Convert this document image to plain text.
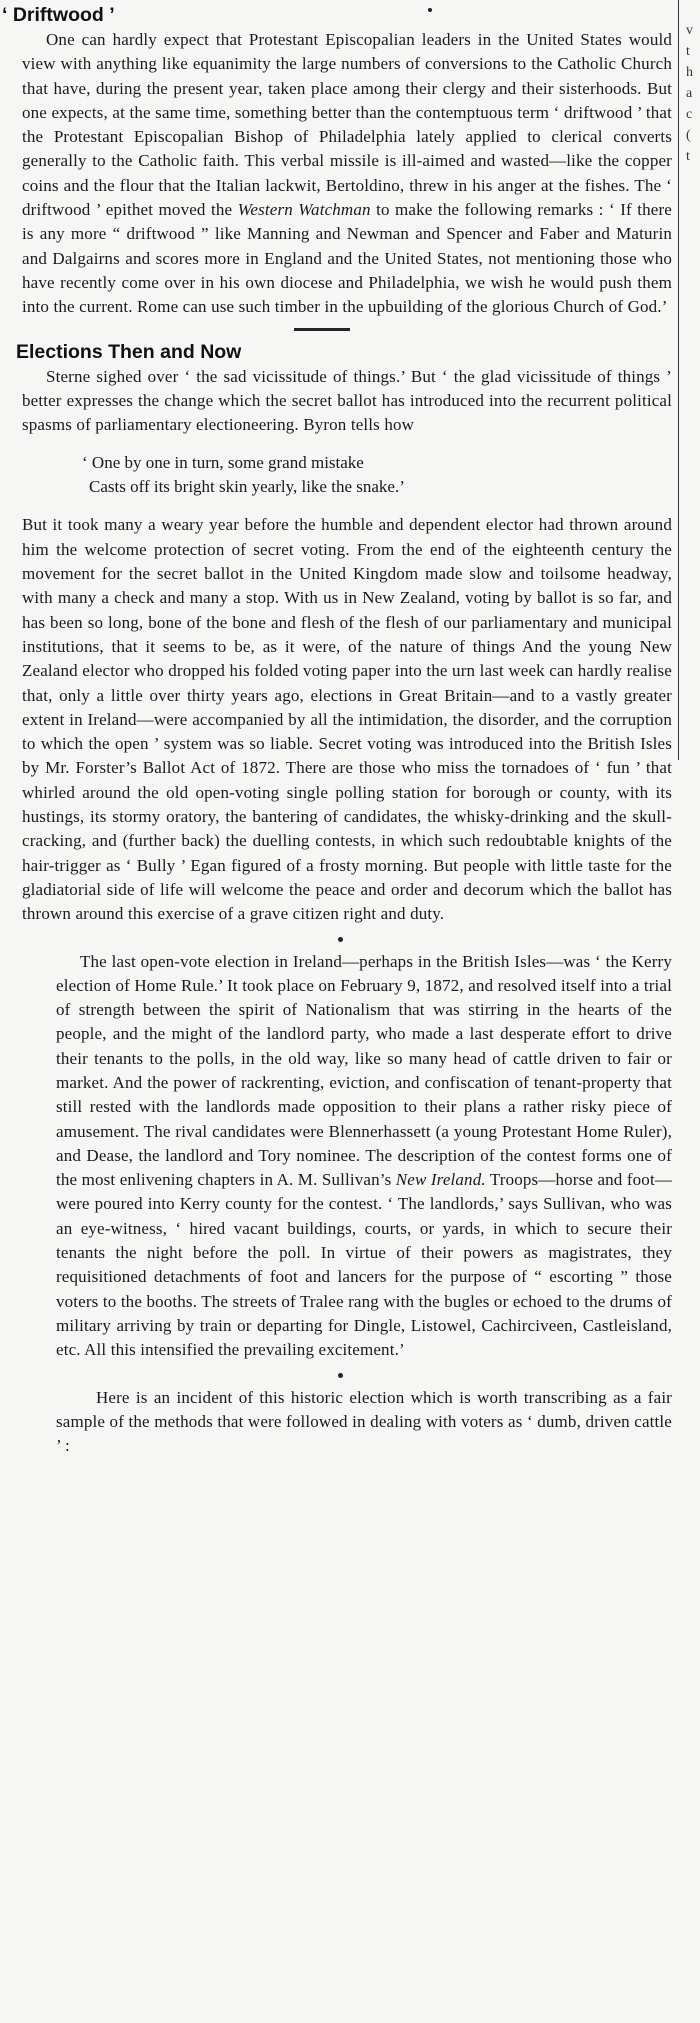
v
t
h
a
c
(
t
‘ Driftwood ’

One can hardly expect that Protestant Episcopalian leaders in the United States would view with anything like equanimity the large numbers of conversions to the Catholic Church that have, during the present year, taken place among their clergy and their sisterhoods. But one expects, at the same time, something better than the contemptuous term ‘ driftwood ’ that the Protestant Episcopalian Bishop of Philadelphia lately applied to clerical converts generally to the Catholic faith. This verbal missile is ill-aimed and wasted—like the copper coins and the flour that the Italian lackwit, Bertoldino, threw in his anger at the fishes. The ‘ driftwood ’ epithet moved the Western Watchman to make the following remarks : ‘ If there is any more “ driftwood ” like Manning and Newman and Spencer and Faber and Maturin and Dalgairns and scores more in England and the United States, not mentioning those who have recently come over in his own diocese and Philadelphia, we wish he would push them into the current. Rome can use such timber in the upbuilding of the glorious Church of God.’

Elections Then and Now

Sterne sighed over ‘ the sad vicissitude of things.’ But ‘ the glad vicissitude of things ’ better expresses the change which the secret ballot has introduced into the recurrent political spasms of parliamentary electioneering. Byron tells how

‘ One by one in turn, some grand mistake
Casts off its bright skin yearly, like the snake.’

But it took many a weary year before the humble and dependent elector had thrown around him the welcome protection of secret voting. From the end of the eighteenth century the movement for the secret ballot in the United Kingdom made slow and toilsome headway, with many a check and many a stop. With us in New Zealand, voting by ballot is so far, and has been so long, bone of the bone and flesh of the flesh of our parliamentary and municipal institutions, that it seems to be, as it were, of the nature of things And the young New Zealand elector who dropped his folded voting paper into the urn last week can hardly realise that, only a little over thirty years ago, elections in Great Britain—and to a vastly greater extent in Ireland—were accompanied by all the intimidation, the disorder, and the corruption to which the open ’ system was so liable. Secret voting was introduced into the British Isles by Mr. Forster’s Ballot Act of 1872. There are those who miss the tornadoes of ‘ fun ’ that whirled around the old open-voting single polling station for borough or county, with its hustings, its stormy oratory, the bantering of candidates, the whisky-drinking and the skull-cracking, and (further back) the duelling contests, in which such redoubtable knights of the hair-trigger as ‘ Bully ’ Egan figured of a frosty morning. But people with little taste for the gladiatorial side of life will welcome the peace and order and decorum which the ballot has thrown around this exercise of a grave citizen right and duty.

The last open-vote election in Ireland—perhaps in the British Isles—was ‘ the Kerry election of Home Rule.’ It took place on February 9, 1872, and resolved itself into a trial of strength between the spirit of Nationalism that was stirring in the hearts of the people, and the might of the landlord party, who made a last desperate effort to drive their tenants to the polls, in the old way, like so many head of cattle driven to fair or market. And the power of rackrenting, eviction, and confiscation of tenant-property that still rested with the landlords made opposition to their plans a rather risky piece of amusement. The rival candidates were Blennerhassett (a young Protestant Home Ruler), and Dease, the landlord and Tory nominee. The description of the contest forms one of the most enlivening chapters in A. M. Sullivan’s New Ireland. Troops—horse and foot—were poured into Kerry county for the contest. ‘ The landlords,’ says Sullivan, who was an eye-witness, ‘ hired vacant buildings, courts, or yards, in which to secure their tenants the night before the poll. In virtue of their powers as magistrates, they requisitioned detachments of foot and lancers for the purpose of “ escorting ” those voters to the booths. The streets of Tralee rang with the bugles or echoed to the drums of military arriving by train or departing for Dingle, Listowel, Cachirciveen, Castleisland, etc. All this intensified the prevailing excitement.’

Here is an incident of this historic election which is worth transcribing as a fair sample of the methods that were followed in dealing with voters as ‘ dumb, driven cattle ’ :
